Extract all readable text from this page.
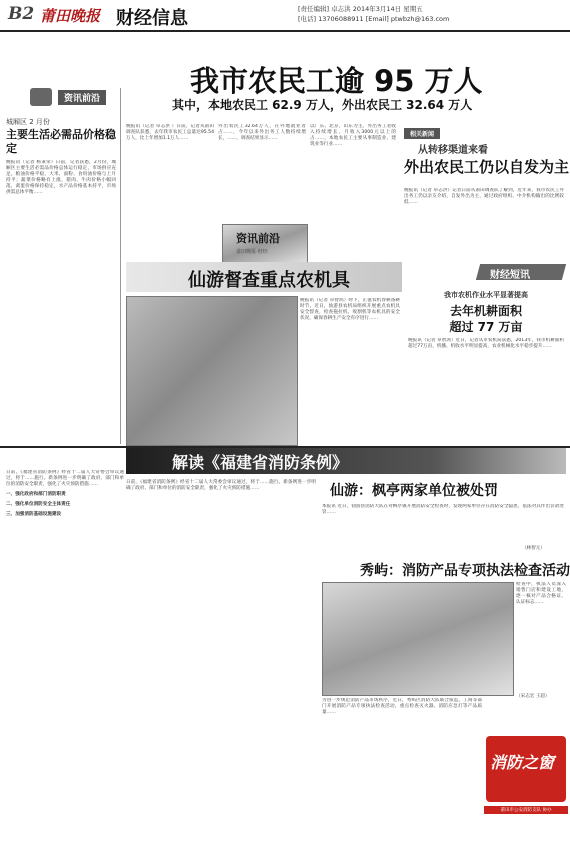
B2 莆田晚报 财经信息	[责任编辑] 卓志洪 2014年3月14日 星期五
[电话] 13706088911 [Email] ptwbzh@163.com
资讯前沿
城厢区 2 月份
主要生活必需品价格稳定
晚报讯（记者 杨秉荣）日前，记者获悉，2月份，城厢区主要生活必需品价格总体运行稳定，市场供应充足。粮油价格平稳，大米、面粉、食用油价格与上月持平；蔬菜价格略有上涨，猪肉、牛肉价格小幅回落，禽蛋价格保持稳定，水产品价格基本持平，市场供需总体平衡……
我市农民工逾 95 万人
其中，本地农民工 62.9 万人，外出农民工 32.64 万人
晚报讯（记者 卓志洪 ）日前，记者从莆田调查队获悉，去年我市农民工总量达95.54万人，比上年增加1.1万人……
外出农民工32.64万人，在外地就业者占……，今年以来外出务工人数持续增长，……，调查结果显示……
以广东、北京、山东为主。外出务工者收入持续增长，月收入3000元以上的占……，本地农民工主要从事制造业、建筑业等行业……
资讯前沿
莆田晚报·财经
相关新闻
从转移渠道来看
外出农民工仍以自发为主
晚报讯（记者 卓志洪）记者日前从莆田调查队了解到，近年来，我市农民工外出务工仍以亲友介绍、自发外出为主，通过政府组织、中介机构输出的比例较低……
仙游督查重点农机具
晚报讯（记者 卓智鸿）时下，正值农机春耕备耕时节，近日，仙游县农机局组织开展重点农机具安全督查，检查拖拉机、收割机等农机具的安全状况，确保春耕生产安全有序进行……
财经短讯
我市农机作业水平显著提高
去年机耕面积
超过 77 万亩
晚报讯（记者 卓智鸿）近日，记者从市农机局获悉，2013年，我市机耕面积超过77万亩，机播、机收水平明显提高，农业机械化水平稳步提升……
解读《福建省消防条例》
日前，《福建省消防条例》经省十二届人大常委会审议通过，将于……施行。新条例进一步明确了政府、部门和单位的消防安全职责，强化了火灾预防措施……
一、强化政府和部门消防职责
二、强化单位消防安全主体责任
三、加强消防基础设施建设
日前，《福建省消防条例》经省十二届人大常委会审议通过，将于……施行。新条例进一步明确了政府、部门和单位的消防安全职责，强化了火灾预防措施……	仙游：枫亭两家单位被处罚
本报讯 近日，仙游县消防大队在对枫亭镇开展消防安全检查时，发现两家单位存在消防安全隐患，依法对其作出罚款处罚……
（林智元）
秀屿：消防产品专项执法检查活动
检查中，执法人员深入销售门店和建设工地，逐一核对产品合格证、认证标志……
为进一步规范消防产品市场秩序，近日，秀屿区消防大队联合质监、工商等部门开展消防产品专项执法检查活动，重点检查灭火器、消防应急灯等产品质量……
（宋志宏 王超）
消防之窗
莆田市公安消防支队 协办
